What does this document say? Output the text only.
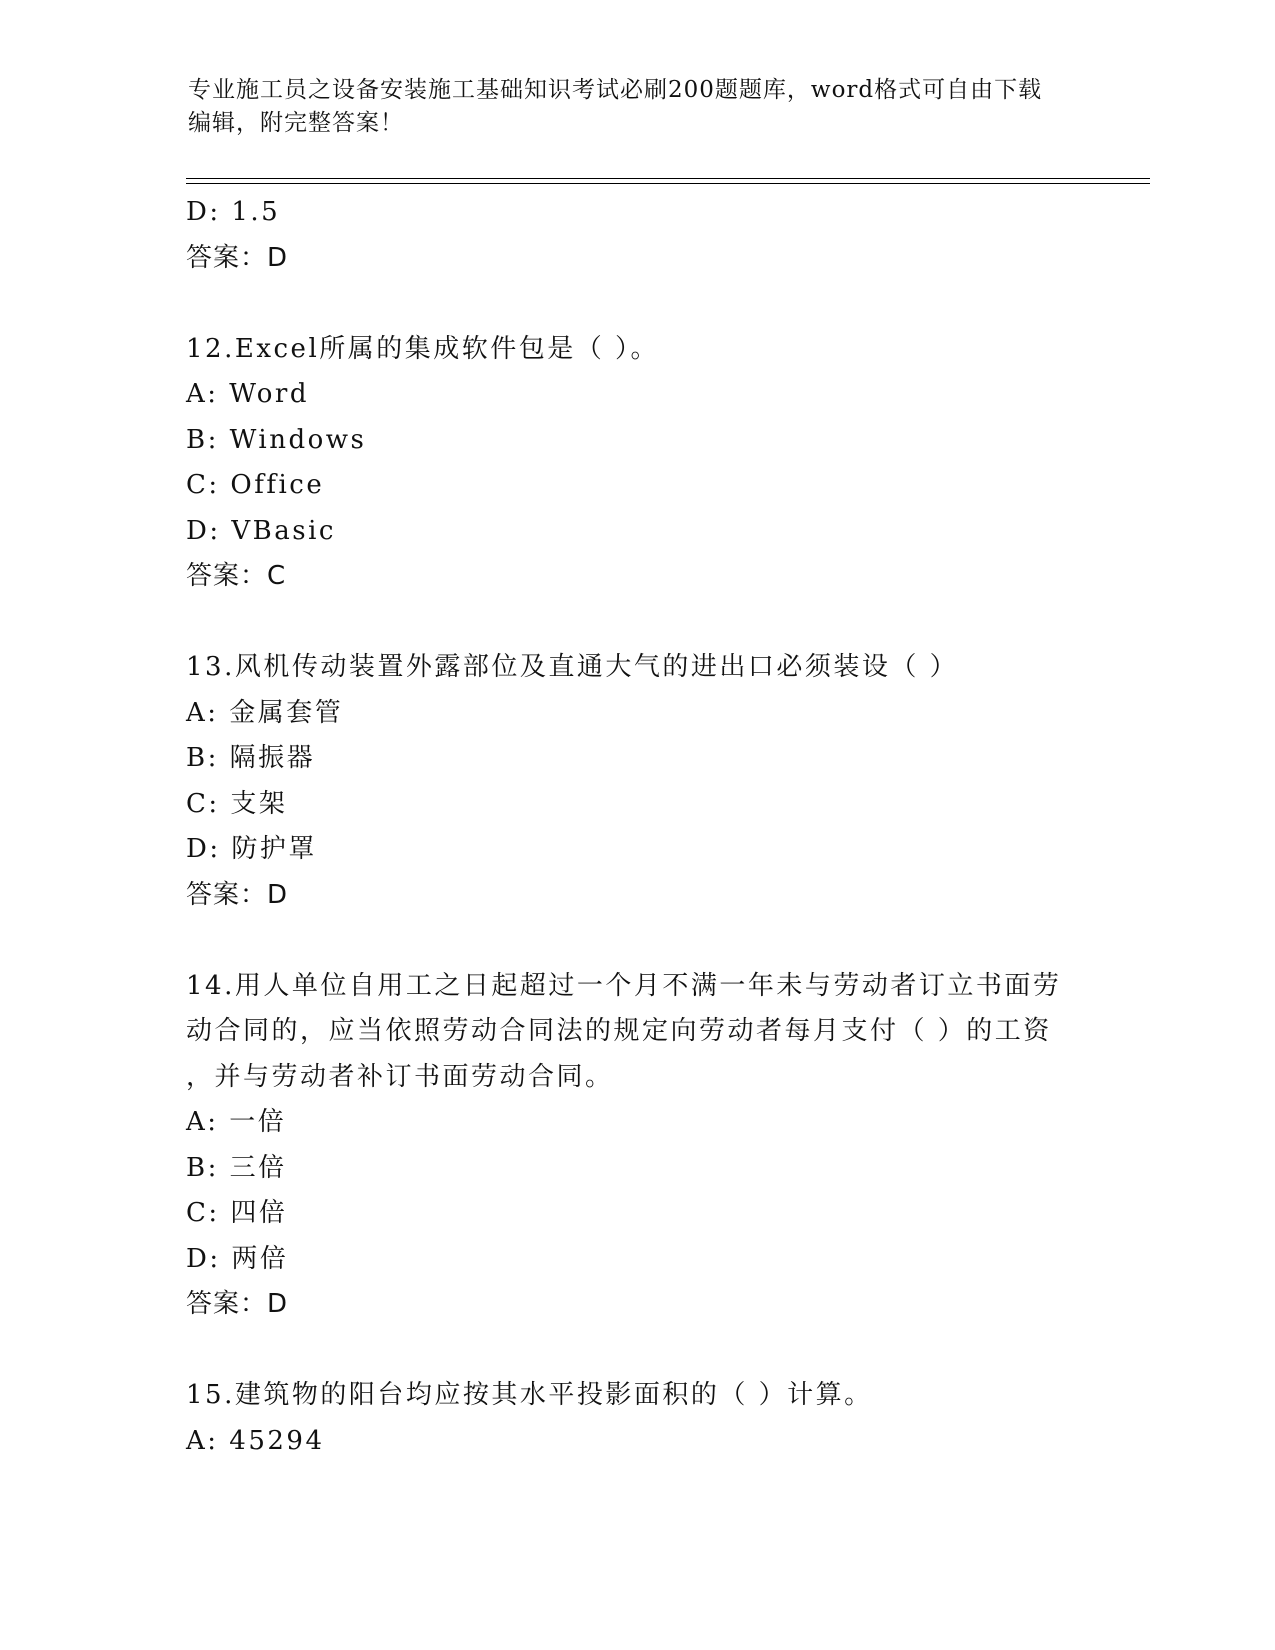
专业施工员之设备安装施工基础知识考试必刷200题题库，word格式可自由下载
编辑，附完整答案！
D: 1.5
答案：D
12.Excel所属的集成软件包是（ ）。
A: Word
B: Windows
C: Office
D: VBasic
答案：C
13.风机传动装置外露部位及直通大气的进出口必须装设（ ）
A: 金属套管
B: 隔振器
C: 支架
D: 防护罩
答案：D
14.用人单位自用工之日起超过一个月不满一年未与劳动者订立书面劳
动合同的，应当依照劳动合同法的规定向劳动者每月支付（ ）的工资
，并与劳动者补订书面劳动合同。
A: 一倍
B: 三倍
C: 四倍
D: 两倍
答案：D
15.建筑物的阳台均应按其水平投影面积的（ ）计算。
A: 45294
